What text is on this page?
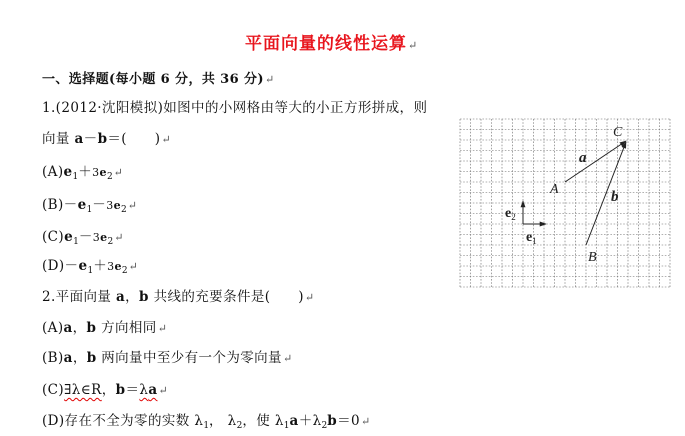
平面向量的线性运算↵
一、选择题(每小题 6 分，共 36 分)↵
1.(2012·沈阳模拟)如图中的小网格由等大的小正方形拼成，则
向量 a－b＝(　　)↵
$(A)e_1+3e_2↵$
$(B)-e_1-3e_2↵$
$(C)e_1-3e_2↵$
$(D)-e_1+3e_2↵$
2.平面向量 a，b 共线的充要条件是(　　)↵
(A)a，b 方向相同↵
(B)a，b 两向量中至少有一个为零向量↵
(C)∃λ∈R，b＝λa↵
(D)存在不全为零的实数 $\lambda_1$， $\lambda_2$，使 $\lambda_1a+\lambda_2b=0↵$
C
A
B
a
b
e2
e1
